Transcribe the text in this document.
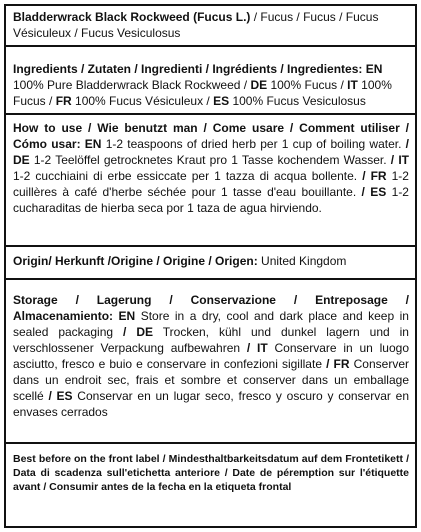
Bladderwrack Black Rockweed (Fucus L.) / Fucus / Fucus / Fucus Vésiculeux / Fucus Vesiculosus
Ingredients / Zutaten / Ingredienti / Ingrédients / Ingredientes: EN 100% Pure Bladderwrack Black Rockweed / DE 100% Fucus / IT 100% Fucus / FR 100% Fucus Vésiculeux / ES 100% Fucus Vesiculosus
How to use / Wie benutzt man / Come usare / Comment utiliser / Cómo usar: EN 1-2 teaspoons of dried herb per 1 cup of boiling water. / DE 1-2 Teelöffel getrocknetes Kraut pro 1 Tasse kochendem Wasser. / IT 1-2 cucchiaini di erbe essiccate per 1 tazza di acqua bollente. / FR 1-2 cuillères à café d'herbe séchée pour 1 tasse d'eau bouillante. / ES 1-2 cucharaditas de hierba seca por 1 taza de agua hirviendo.
Origin/ Herkunft /Origine / Origine / Origen: United Kingdom
Storage / Lagerung / Conservazione / Entreposage / Almacenamiento: EN Store in a dry, cool and dark place and keep in sealed packaging / DE Trocken, kühl und dunkel lagern und in verschlossener Verpackung aufbewahren / IT Conservare in un luogo asciutto, fresco e buio e conservare in confezioni sigillate / FR Conserver dans un endroit sec, frais et sombre et conserver dans un emballage scellé / ES Conservar en un lugar seco, fresco y oscuro y conservar en envases cerrados
Best before on the front label / Mindesthaltbarkeitsdatum auf dem Frontetikett / Data di scadenza sull'etichetta anteriore / Date de péremption sur l'étiquette avant / Consumir antes de la fecha en la etiqueta frontal
